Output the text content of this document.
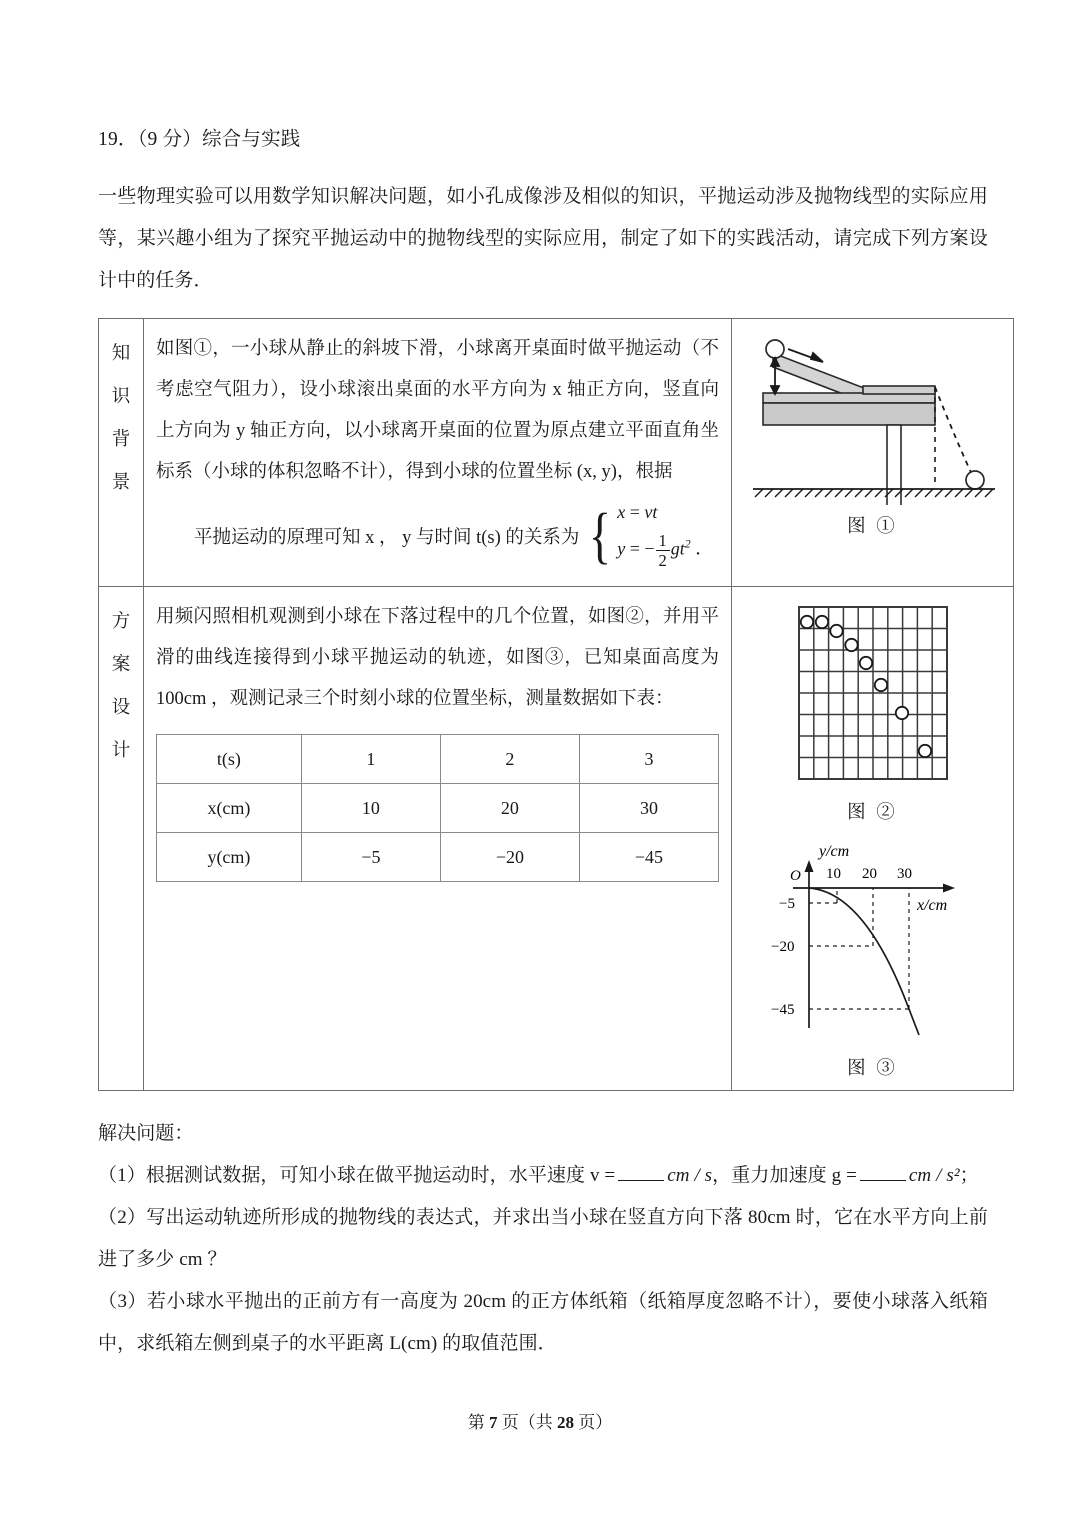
19．（9 分）综合与实践
一些物理实验可以用数学知识解决问题，如小孔成像涉及相似的知识，平抛运动涉及抛物线型的实际应用等，某兴趣小组为了探究平抛运动中的抛物线型的实际应用，制定了如下的实践活动，请完成下列方案设计中的任务．
知
识
背
景

如图①，一小球从静止的斜坡下滑，小球离开桌面时做平抛运动（不考虑空气阻力），设小球滚出桌面的水平方向为 x 轴正方向，竖直向上方向为 y 轴正方向，以小球离开桌面的位置为原点建立平面直角坐标系（小球的体积忽略不计），得到小球的位置坐标 (x, y)，根据
平抛运动的原理可知 x ， y 与时间 t(s) 的关系为 { x = vt
y = − $\frac{1}{2} gt^2$ ．

图 ①

方
案
设
计

用频闪照相机观测到小球在下落过程中的几个位置，如图②，并用平滑的曲线连接得到小球平抛运动的轨迹，如图③，已知桌面高度为 100cm ，观测记录三个时刻小球的位置坐标，测量数据如下表：
t(s)	1	2	3
x(cm)	10	20	30
y(cm)	−5	−20	−45

图 ②
y/cm
x/cm
O 10 20 30
−5
−20
−45
图 ③
解决问题：
（1）根据测试数据，可知小球在做平抛运动时，水平速度 v =	cm / s，重力加速度 g =	cm / s²；
（2）写出运动轨迹所形成的抛物线的表达式，并求出当小球在竖直方向下落 80cm 时，它在水平方向上前进了多少 cm ？
（3）若小球水平抛出的正前方有一高度为 20cm 的正方体纸箱（纸箱厚度忽略不计），要使小球落入纸箱中，求纸箱左侧到桌子的水平距离 L(cm) 的取值范围．
第 7 页（共 28 页）
